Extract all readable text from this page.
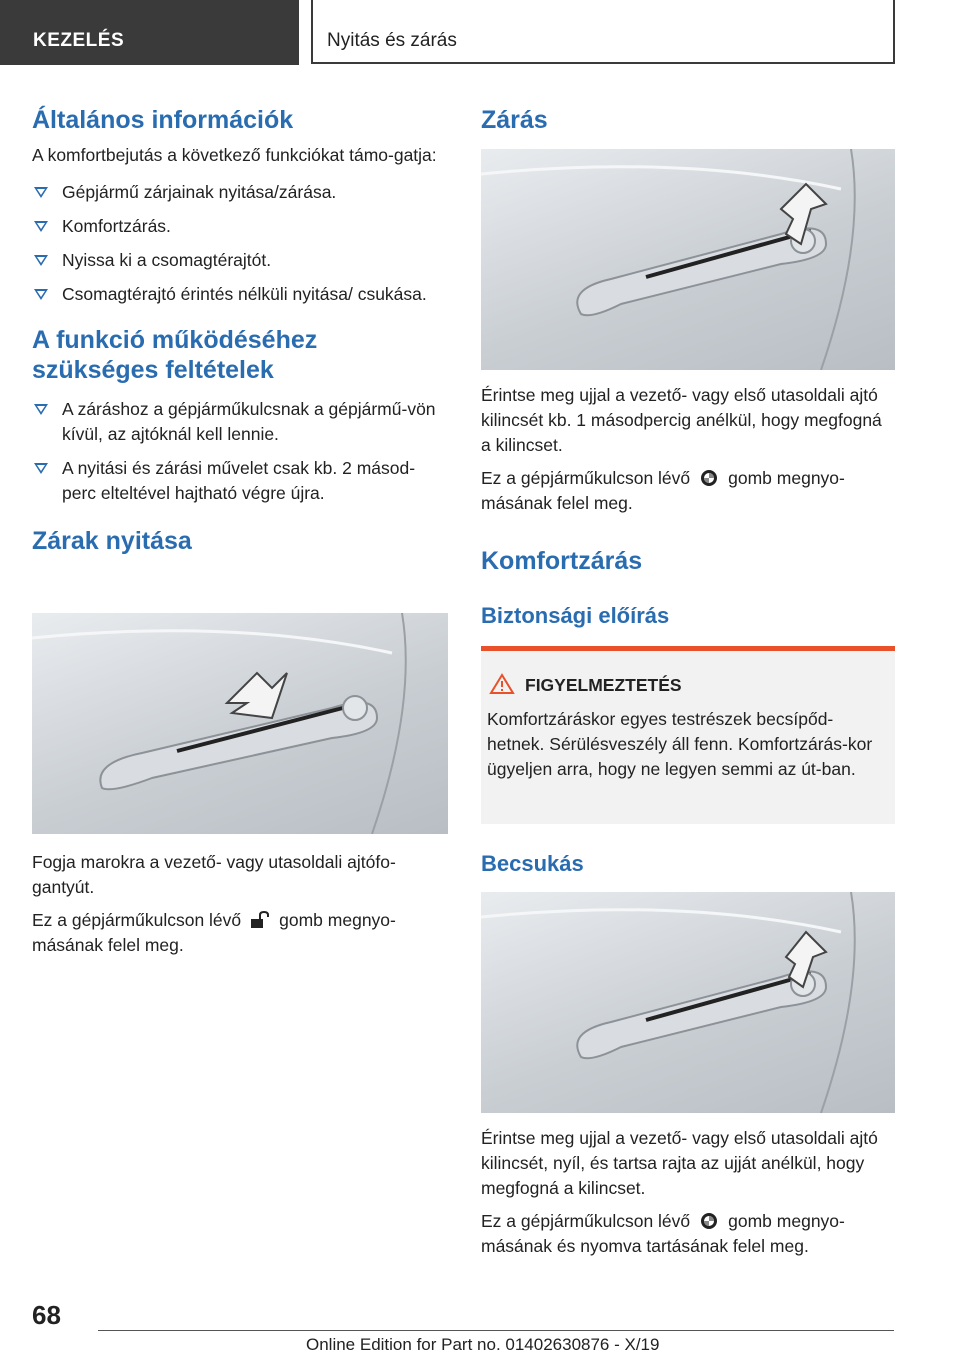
KEZELÉS	Nyitás és zárás
Általános információk

A komfortbejutás a következő funkciókat támo-gatja:

Gépjármű zárjainak nyitása/zárása.
Komfortzárás.
Nyissa ki a csomagtérajtót.
Csomagtérajtó érintés nélküli nyitása/ csukása.
A funkció működéséhez szükséges feltételek
A záráshoz a gépjárműkulcsnak a gépjármű-vön kívül, az ajtóknál kell lennie.
A nyitási és zárási művelet csak kb. 2 másod-perc elteltével hajtható végre újra.
Zárak nyitása

Fogja marokra a vezető- vagy utasoldali ajtófo-gantyút.

Ez a gépjárműkulcson lévő gomb megnyo-másának felel meg.

Zárás

Érintse meg ujjal a vezető- vagy első utasoldali ajtó kilincsét kb. 1 másodpercig anélkül, hogy megfogná a kilincset.

Ez a gépjárműkulcson lévő gomb megnyo-másának felel meg.

Komfortzárás
Biztonsági előírás
FIGYELMEZTETÉS

Komfortzáráskor egyes testrészek becsípőd-hetnek. Sérülésveszély áll fenn. Komfortzárás-kor ügyeljen arra, hogy ne legyen semmi az út-ban.

Becsukás

Érintse meg ujjal a vezető- vagy első utasoldali ajtó kilincsét, nyíl, és tartsa rajta az ujját anélkül, hogy megfogná a kilincset.

Ez a gépjárműkulcson lévő gomb megnyo-másának és nyomva tartásának felel meg.

68
Online Edition for Part no. 01402630876 - X/19
